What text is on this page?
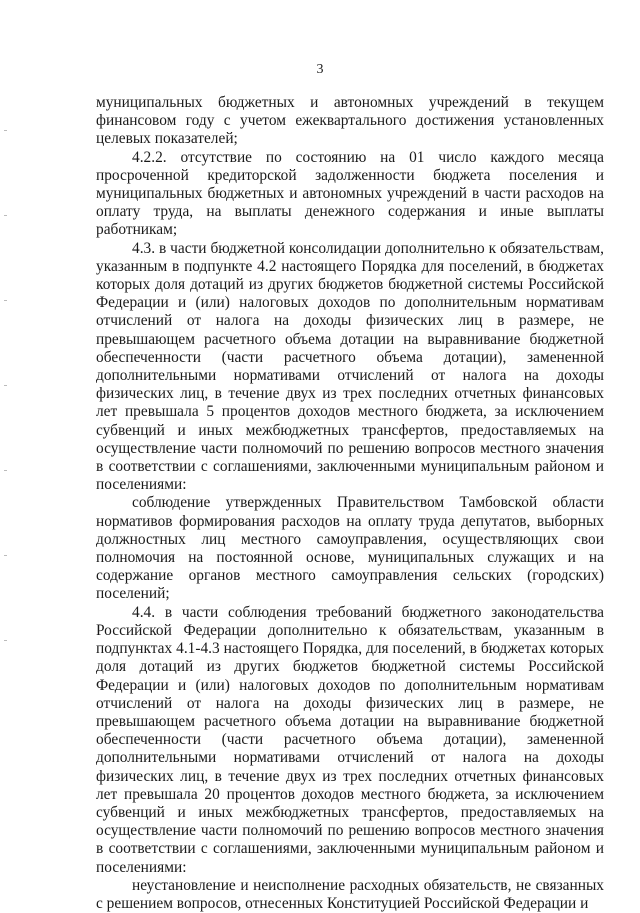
3

муниципальных бюджетных и автономных учреждений в текущем финансовом году с учетом ежеквартального достижения установленных целевых показателей;

4.2.2. отсутствие по состоянию на 01 число каждого месяца просроченной кредиторской задолженности бюджета поселения и муниципальных бюджетных и автономных учреждений в части расходов на оплату труда, на выплаты денежного содержания и иные выплаты работникам;

4.3. в части бюджетной консолидации дополнительно к обязательствам, указанным в подпункте 4.2 настоящего Порядка для поселений, в бюджетах которых доля дотаций из других бюджетов бюджетной системы Российской Федерации и (или) налоговых доходов по дополнительным нормативам отчислений от налога на доходы физических лиц в размере, не превышающем расчетного объема дотации на выравнивание бюджетной обеспеченности (части расчетного объема дотации), замененной дополнительными нормативами отчислений от налога на доходы физических лиц, в течение двух из трех последних отчетных финансовых лет превышала 5 процентов доходов местного бюджета, за исключением субвенций и иных межбюджетных трансфертов, предоставляемых на осуществление части полномочий по решению вопросов местного значения в соответствии с соглашениями, заключенными муниципальным районом и поселениями:

соблюдение утвержденных Правительством Тамбовской области нормативов формирования расходов на оплату труда депутатов, выборных должностных лиц местного самоуправления, осуществляющих свои полномочия на постоянной основе, муниципальных служащих и на содержание органов местного самоуправления сельских (городских) поселений;

4.4. в части соблюдения требований бюджетного законодательства Российской Федерации дополнительно к обязательствам, указанным в подпунктах 4.1-4.3 настоящего Порядка, для поселений, в бюджетах которых доля дотаций из других бюджетов бюджетной системы Российской Федерации и (или) налоговых доходов по дополнительным нормативам отчислений от налога на доходы физических лиц в размере, не превышающем расчетного объема дотации на выравнивание бюджетной обеспеченности (части расчетного объема дотации), замененной дополнительными нормативами отчислений от налога на доходы физических лиц, в течение двух из трех последних отчетных финансовых лет превышала 20 процентов доходов местного бюджета, за исключением субвенций и иных межбюджетных трансфертов, предоставляемых на осуществление части полномочий по решению вопросов местного значения в соответствии с соглашениями, заключенными муниципальным районом и поселениями:

неустановление и неисполнение расходных обязательств, не связанных с решением вопросов, отнесенных Конституцией Российской Федерации и
